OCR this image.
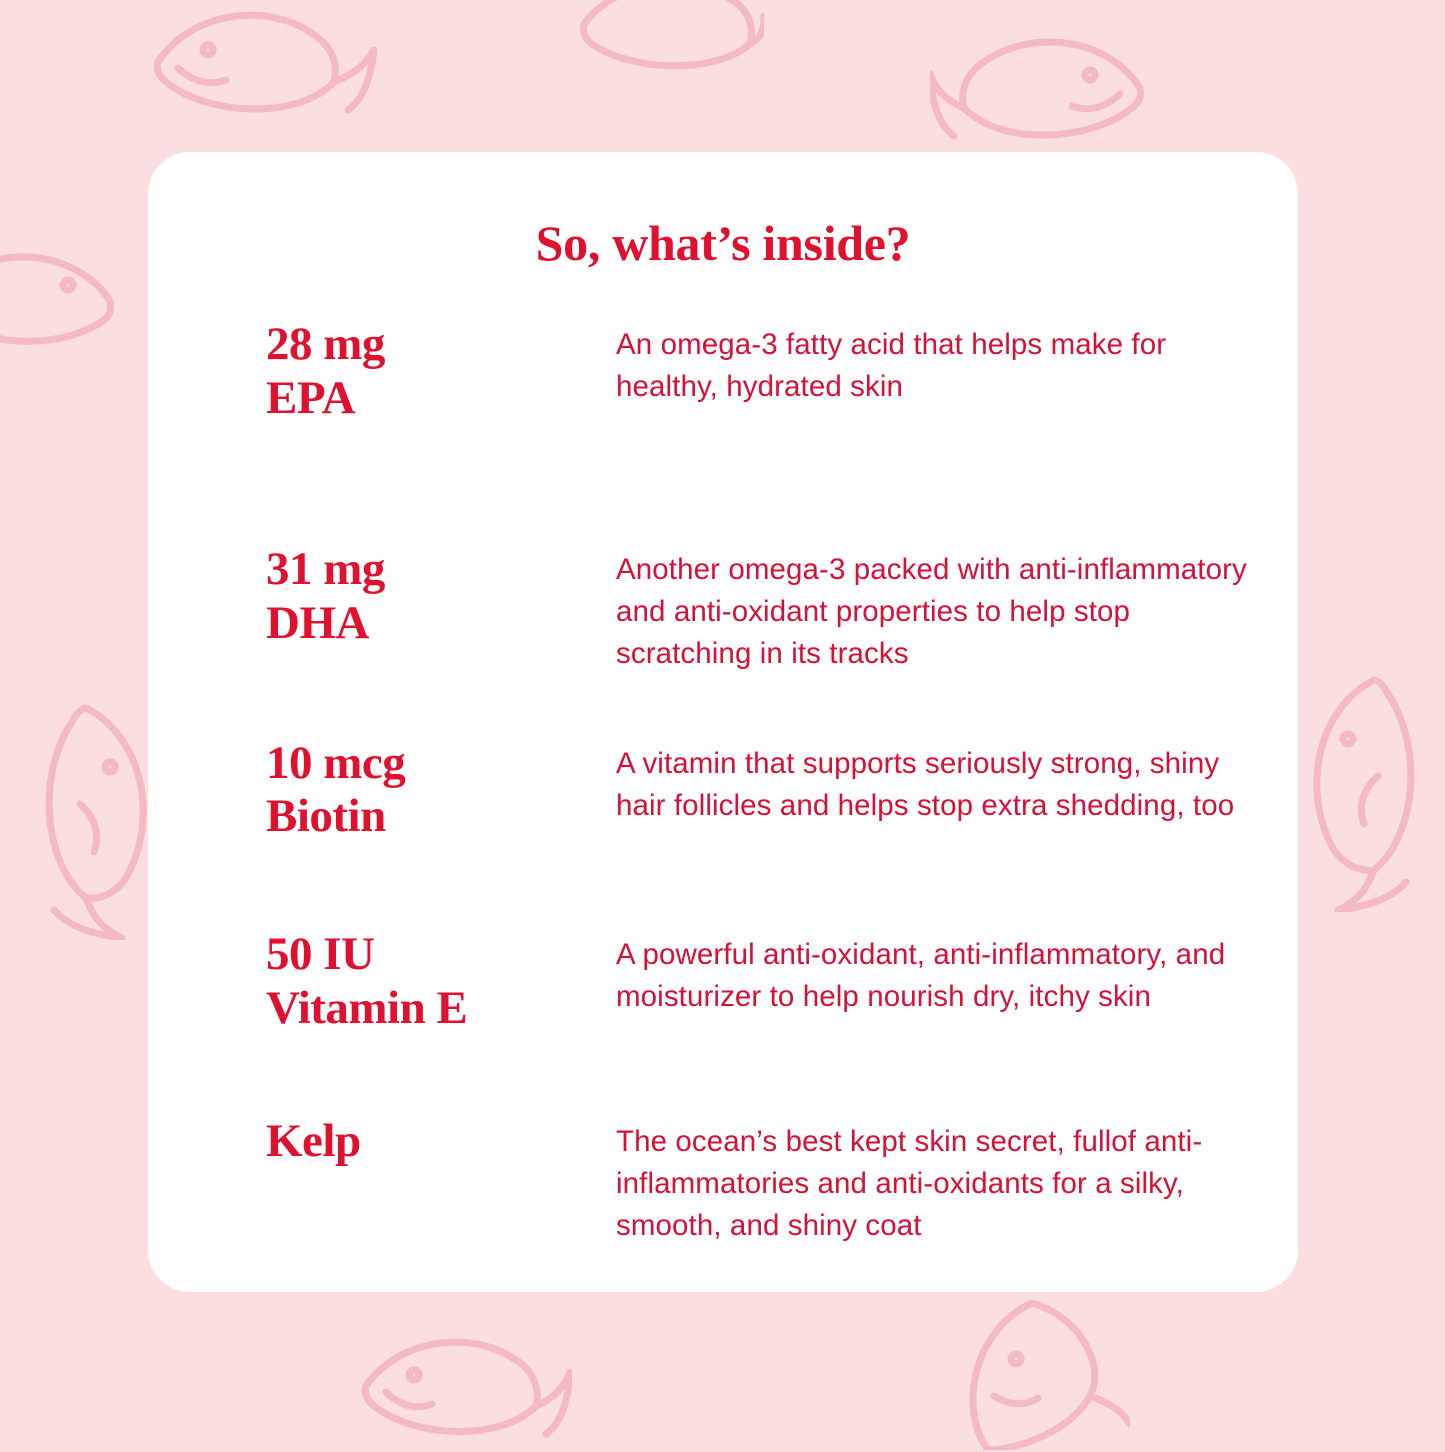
So, what’s inside?
28 mg
EPA
An omega-3 fatty acid that helps make for healthy, hydrated skin
31 mg
DHA
Another omega-3 packed with anti-inflammatory and anti-oxidant properties to help stop scratching in its tracks
10 mcg
Biotin
A vitamin that supports seriously strong, shiny hair follicles and helps stop extra shedding, too
50 IU
Vitamin E
A powerful anti-oxidant, anti-inflammatory, and moisturizer to help nourish dry, itchy skin
Kelp	The ocean’s best kept skin secret, fullof anti-inflammatories and anti-oxidants for a silky, smooth, and shiny coat
